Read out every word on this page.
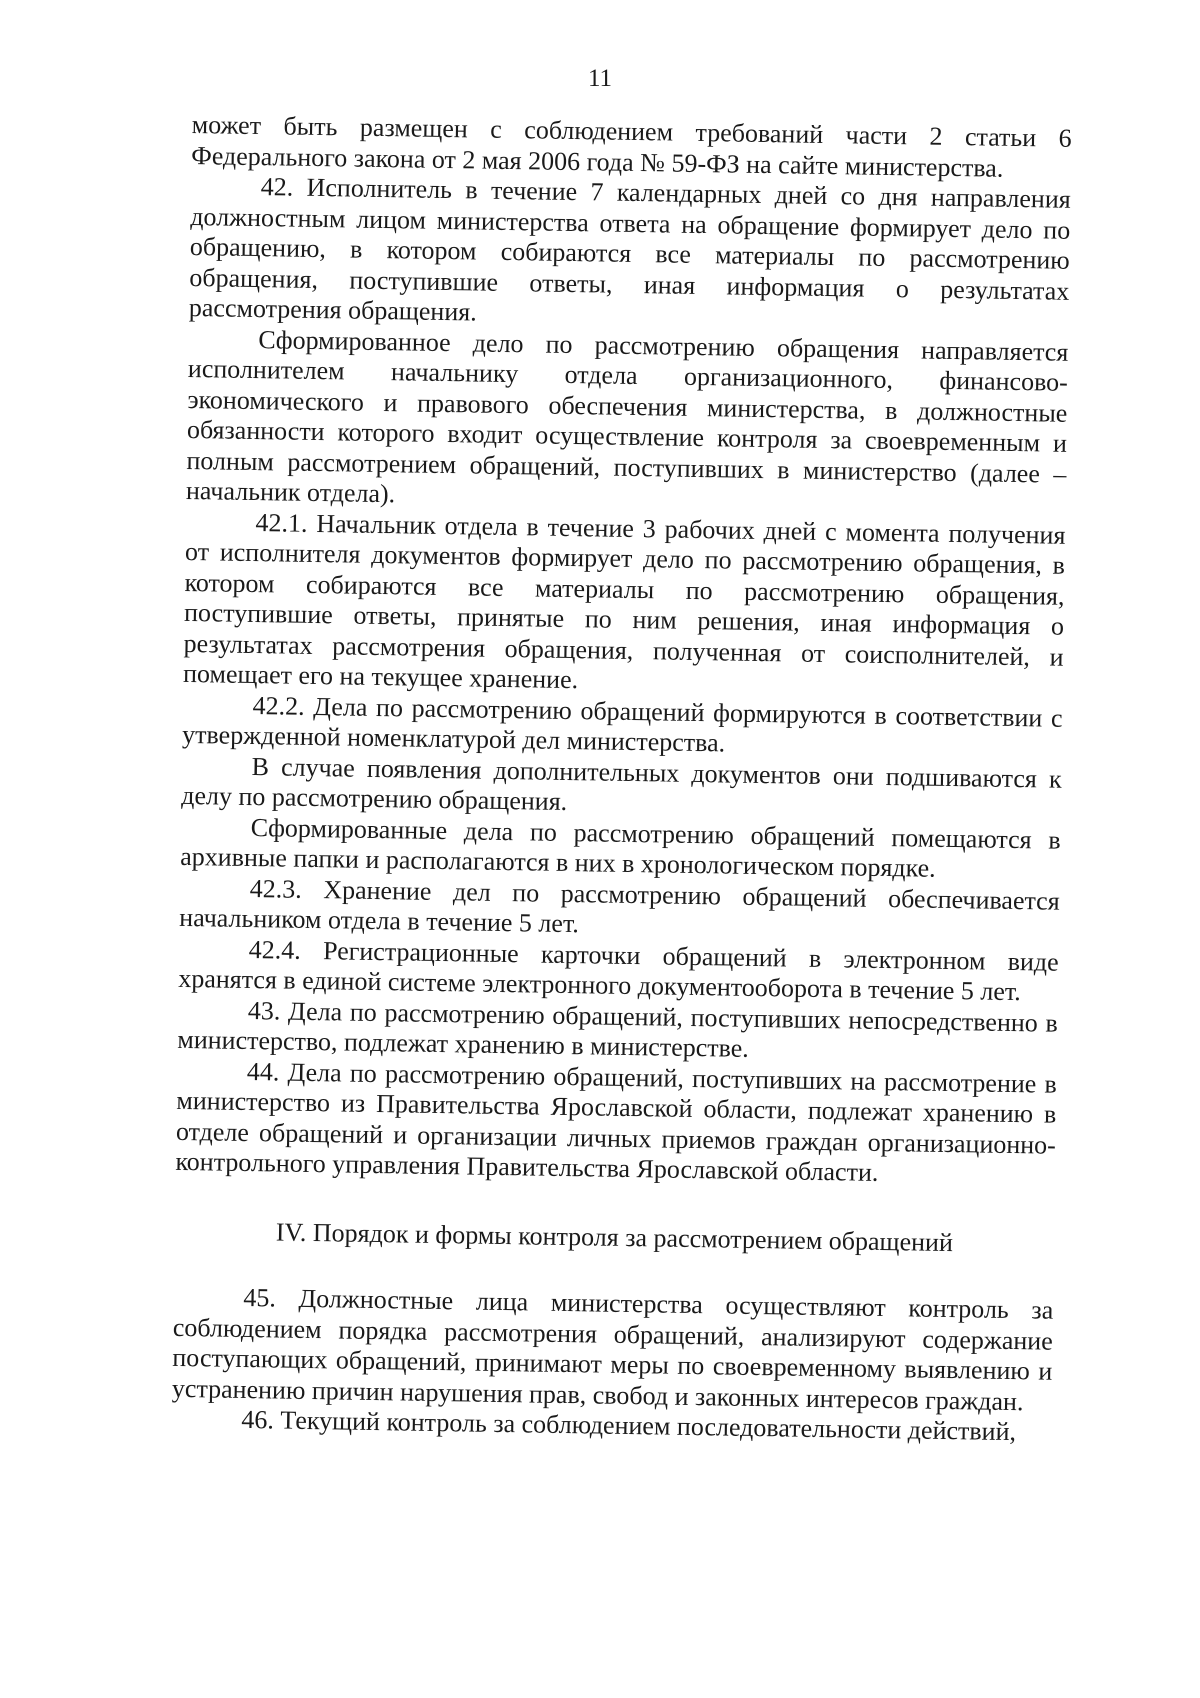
11

может быть размещен с соблюдением требований части 2 статьи 6 Федерального закона от 2 мая 2006 года № 59-ФЗ на сайте министерства.

42. Исполнитель в течение 7 календарных дней со дня направления должностным лицом министерства ответа на обращение формирует дело по обращению, в котором собираются все материалы по рассмотрению обращения, поступившие ответы, иная информация о результатах рассмотрения обращения.

Сформированное дело по рассмотрению обращения направляется исполнителем начальнику отдела организационного, финансово-экономического и правового обеспечения министерства, в должностные обязанности которого входит осуществление контроля за своевременным и полным рассмотрением обращений, поступивших в министерство (далее – начальник отдела).

42.1. Начальник отдела в течение 3 рабочих дней с момента получения от исполнителя документов формирует дело по рассмотрению обращения, в котором собираются все материалы по рассмотрению обращения, поступившие ответы, принятые по ним решения, иная информация о результатах рассмотрения обращения, полученная от соисполнителей, и помещает его на текущее хранение.

42.2. Дела по рассмотрению обращений формируются в соответствии с утвержденной номенклатурой дел министерства.

В случае появления дополнительных документов они подшиваются к делу по рассмотрению обращения.

Сформированные дела по рассмотрению обращений помещаются в архивные папки и располагаются в них в хронологическом порядке.

42.3. Хранение дел по рассмотрению обращений обеспечивается начальником отдела в течение 5 лет.

42.4. Регистрационные карточки обращений в электронном виде хранятся в единой системе электронного документооборота в течение 5 лет.

43. Дела по рассмотрению обращений, поступивших непосредственно в министерство, подлежат хранению в министерстве.

44. Дела по рассмотрению обращений, поступивших на рассмотрение в министерство из Правительства Ярославской области, подлежат хранению в отделе обращений и организации личных приемов граждан организационно-контрольного управления Правительства Ярославской области.

IV. Порядок и формы контроля за рассмотрением обращений

45. Должностные лица министерства осуществляют контроль за соблюдением порядка рассмотрения обращений, анализируют содержание поступающих обращений, принимают меры по своевременному выявлению и устранению причин нарушения прав, свобод и законных интересов граждан.

46. Текущий контроль за соблюдением последовательности действий,
